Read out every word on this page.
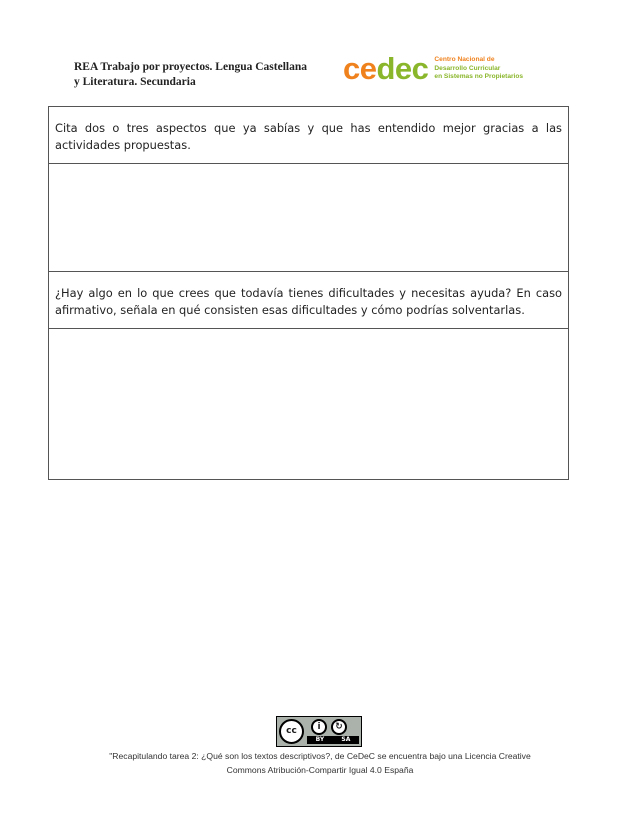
REA Trabajo por proyectos. Lengua Castellana
y Literatura. Secundaria	cedec Centro Nacional de
Desarrollo Curricular
en Sistemas no Propietarios
Cita dos o tres aspectos que ya sabías y que has entendido mejor gracias a las actividades propuestas.
¿Hay algo en lo que crees que todavía tienes dificultades y necesitas ayuda? En caso afirmativo, señala en qué consisten esas dificultades y cómo podrías solventarlas.
cc	i	↻
BY	SA
"Recapitulando tarea 2: ¿Qué son los textos descriptivos?, de CeDeC se encuentra bajo una Licencia Creative
Commons Atribución-Compartir Igual 4.0 España
